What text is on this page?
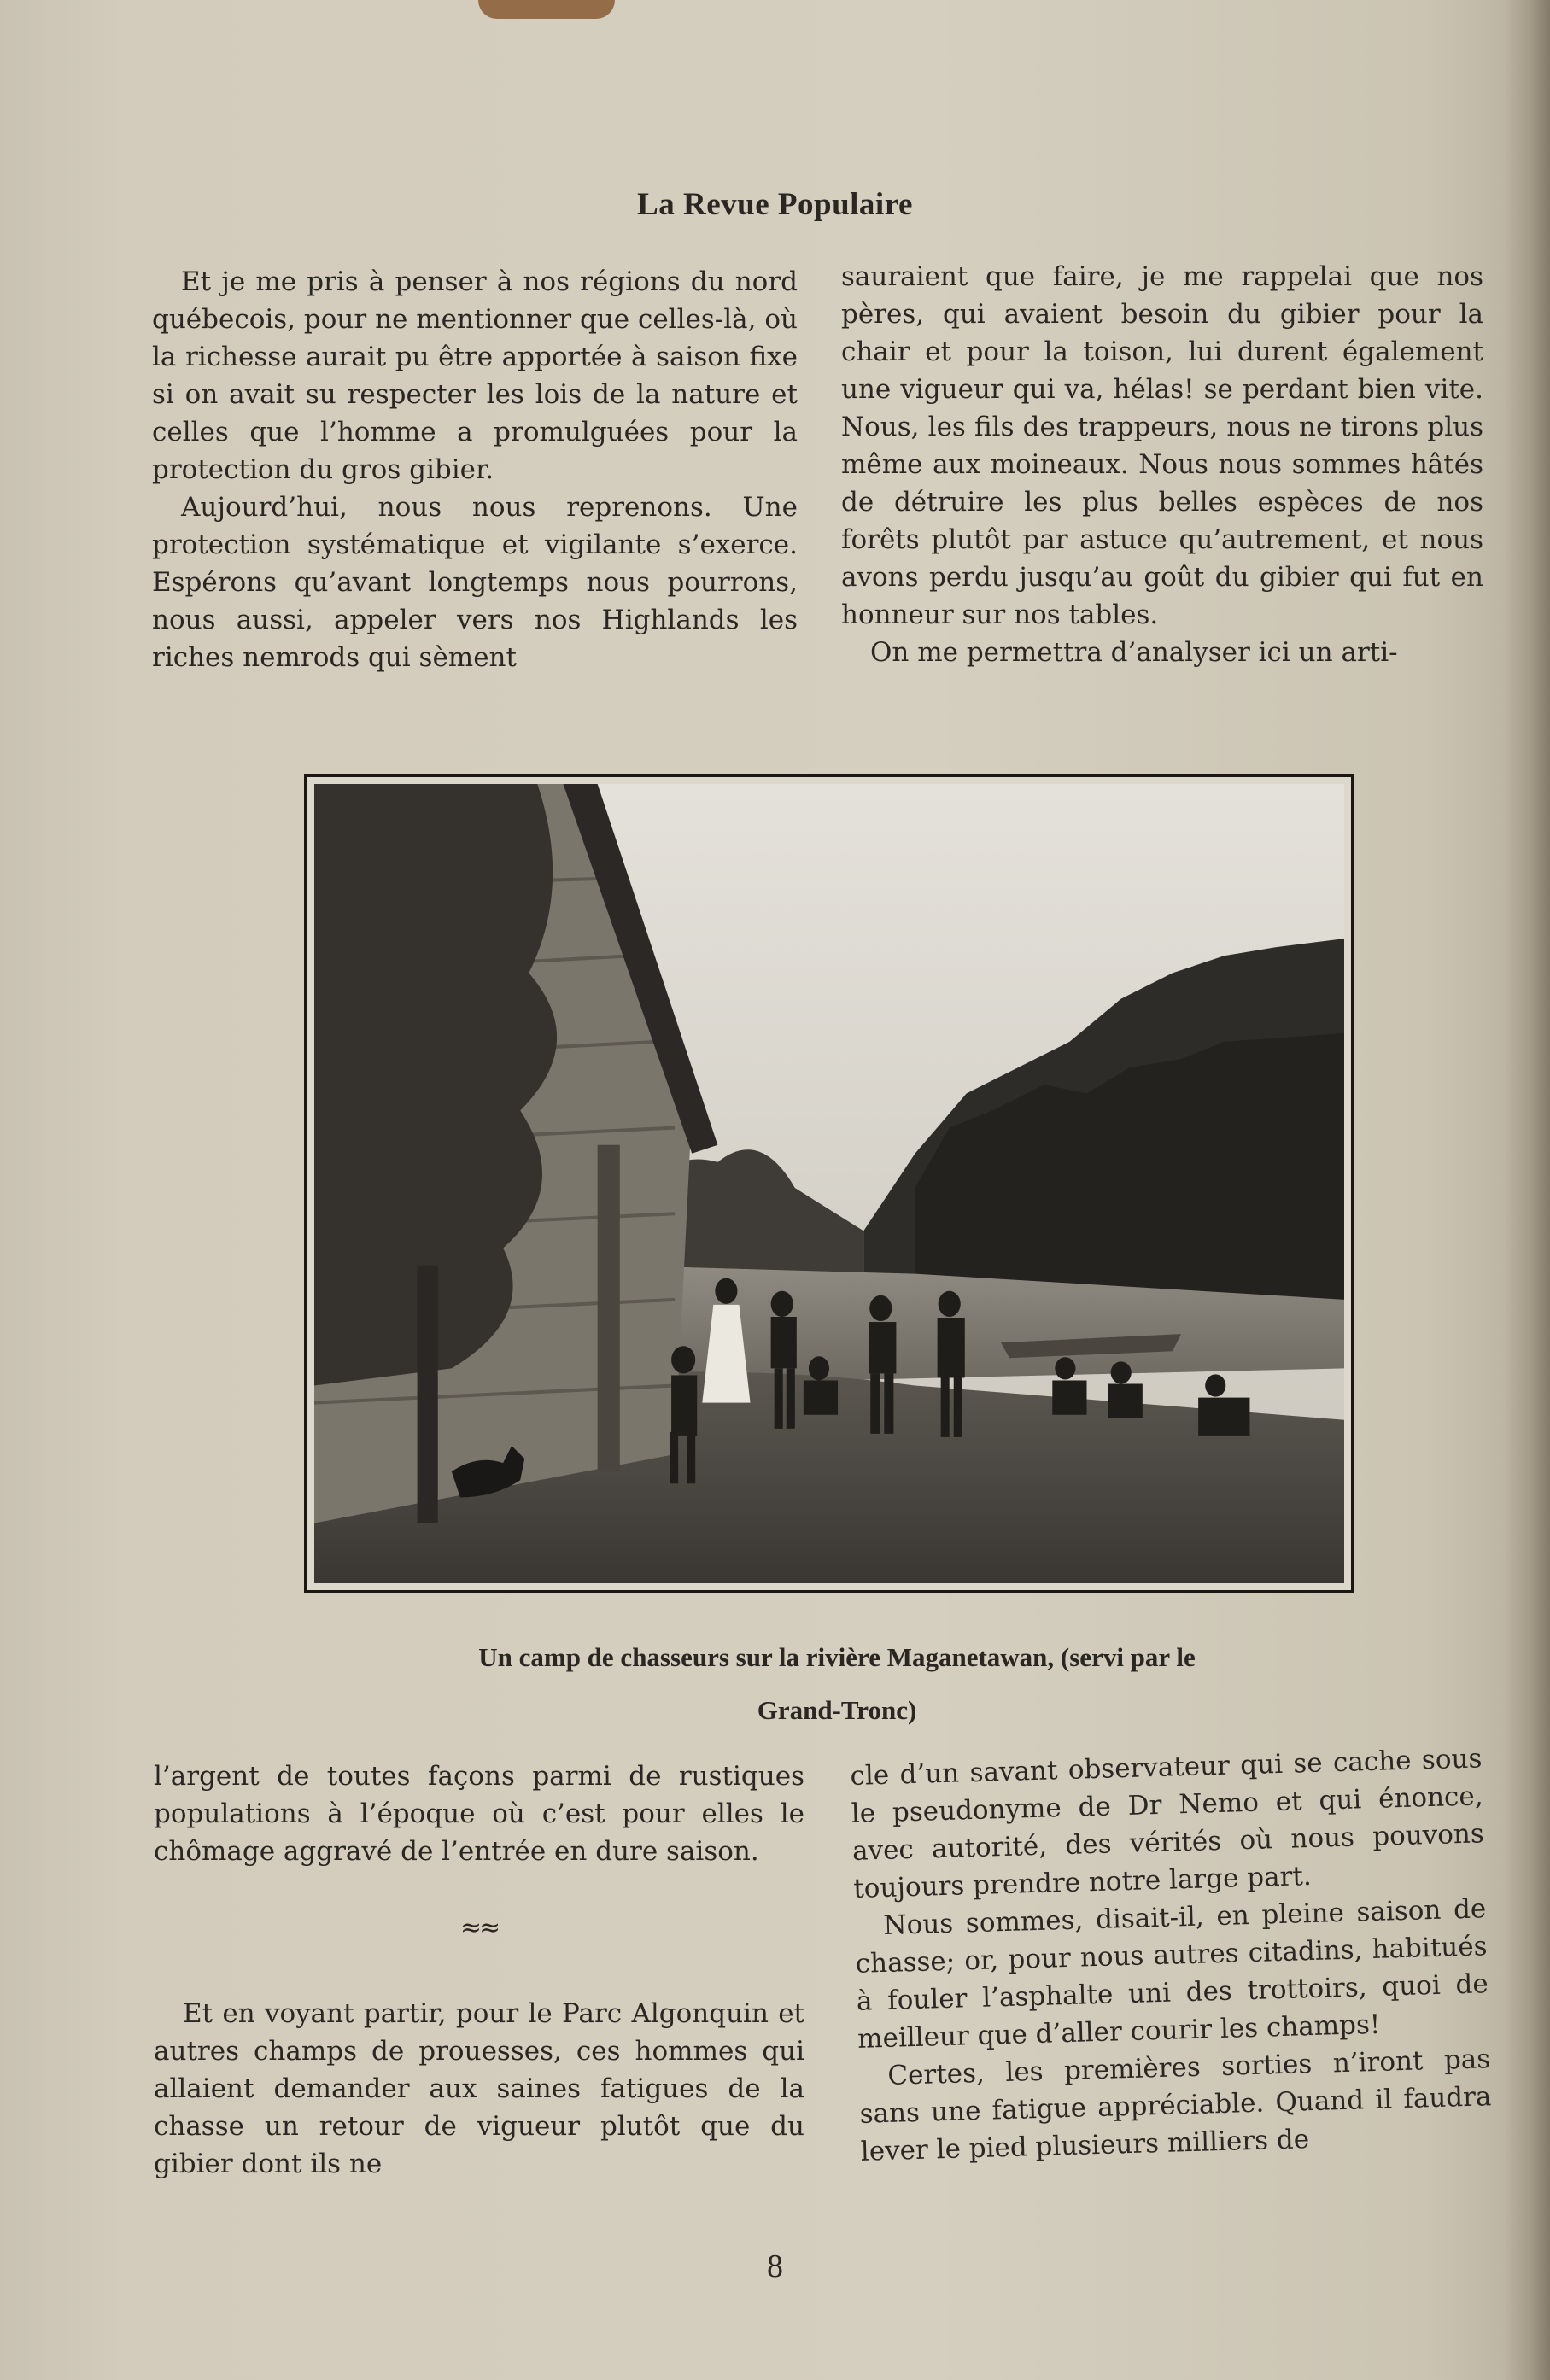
La Revue Populaire

Et je me pris à penser à nos régions du nord québecois, pour ne mentionner que celles-là, où la richesse aurait pu être apportée à saison fixe si on avait su respecter les lois de la nature et celles que l’homme a promulguées pour la protection du gros gibier.

Aujourd’hui, nous nous reprenons. Une protection systématique et vigilante s’exerce. Espérons qu’avant longtemps nous pourrons, nous aussi, appeler vers nos Highlands les riches nemrods qui sèment

sauraient que faire, je me rappelai que nos pères, qui avaient besoin du gibier pour la chair et pour la toison, lui durent également une vigueur qui va, hélas! se perdant bien vite. Nous, les fils des trappeurs, nous ne tirons plus même aux moineaux. Nous nous sommes hâtés de détruire les plus belles espèces de nos forêts plutôt par astuce qu’autrement, et nous avons perdu jusqu’au goût du gibier qui fut en honneur sur nos tables.

On me permettra d’analyser ici un arti-

Un camp de chasseurs sur la rivière Maganetawan, (servi par le
Grand-Tronc)

l’argent de toutes façons parmi de rustiques populations à l’époque où c’est pour elles le chômage aggravé de l’entrée en dure saison.

≈≈

Et en voyant partir, pour le Parc Algonquin et autres champs de prouesses, ces hommes qui allaient demander aux saines fatigues de la chasse un retour de vigueur plutôt que du gibier dont ils ne

cle d’un savant observateur qui se cache sous le pseudonyme de Dr Nemo et qui énonce, avec autorité, des vérités où nous pouvons toujours prendre notre large part.

Nous sommes, disait-il, en pleine saison de chasse; or, pour nous autres citadins, habitués à fouler l’asphalte uni des trottoirs, quoi de meilleur que d’aller courir les champs!

Certes, les premières sorties n’iront pas sans une fatigue appréciable. Quand il faudra lever le pied plusieurs milliers de

8
